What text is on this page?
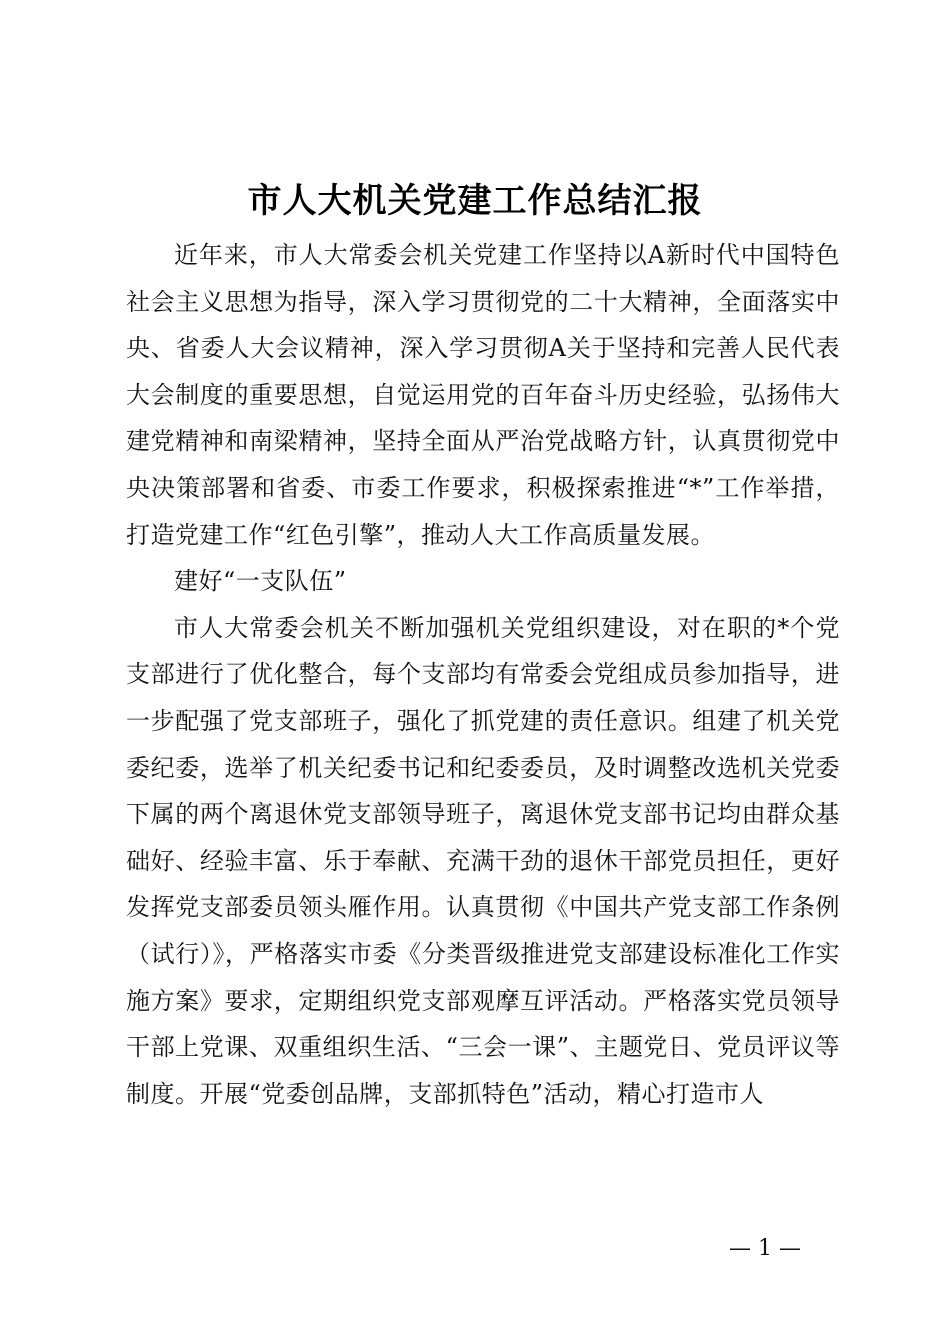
市人大机关党建工作总结汇报

近年来，市人大常委会机关党建工作坚持以A新时代中国特色社会主义思想为指导，深入学习贯彻党的二十大精神，全面落实中央、省委人大会议精神，深入学习贯彻A关于坚持和完善人民代表大会制度的重要思想，自觉运用党的百年奋斗历史经验，弘扬伟大建党精神和南梁精神，坚持全面从严治党战略方针，认真贯彻党中央决策部署和省委、市委工作要求，积极探索推进“*”工作举措，打造党建工作“红色引擎”，推动人大工作高质量发展。

建好“一支队伍”

市人大常委会机关不断加强机关党组织建设，对在职的*个党支部进行了优化整合，每个支部均有常委会党组成员参加指导，进一步配强了党支部班子，强化了抓党建的责任意识。组建了机关党委纪委，选举了机关纪委书记和纪委委员，及时调整改选机关党委下属的两个离退休党支部领导班子，离退休党支部书记均由群众基础好、经验丰富、乐于奉献、充满干劲的退休干部党员担任，更好发挥党支部委员领头雁作用。认真贯彻《中国共产党支部工作条例（试行）》，严格落实市委《分类晋级推进党支部建设标准化工作实施方案》要求，定期组织党支部观摩互评活动。严格落实党员领导干部上党课、双重组织生活、“三会一课”、主题党日、党员评议等制度。开展“党委创品牌，支部抓特色”活动，精心打造市人

— 1 —
